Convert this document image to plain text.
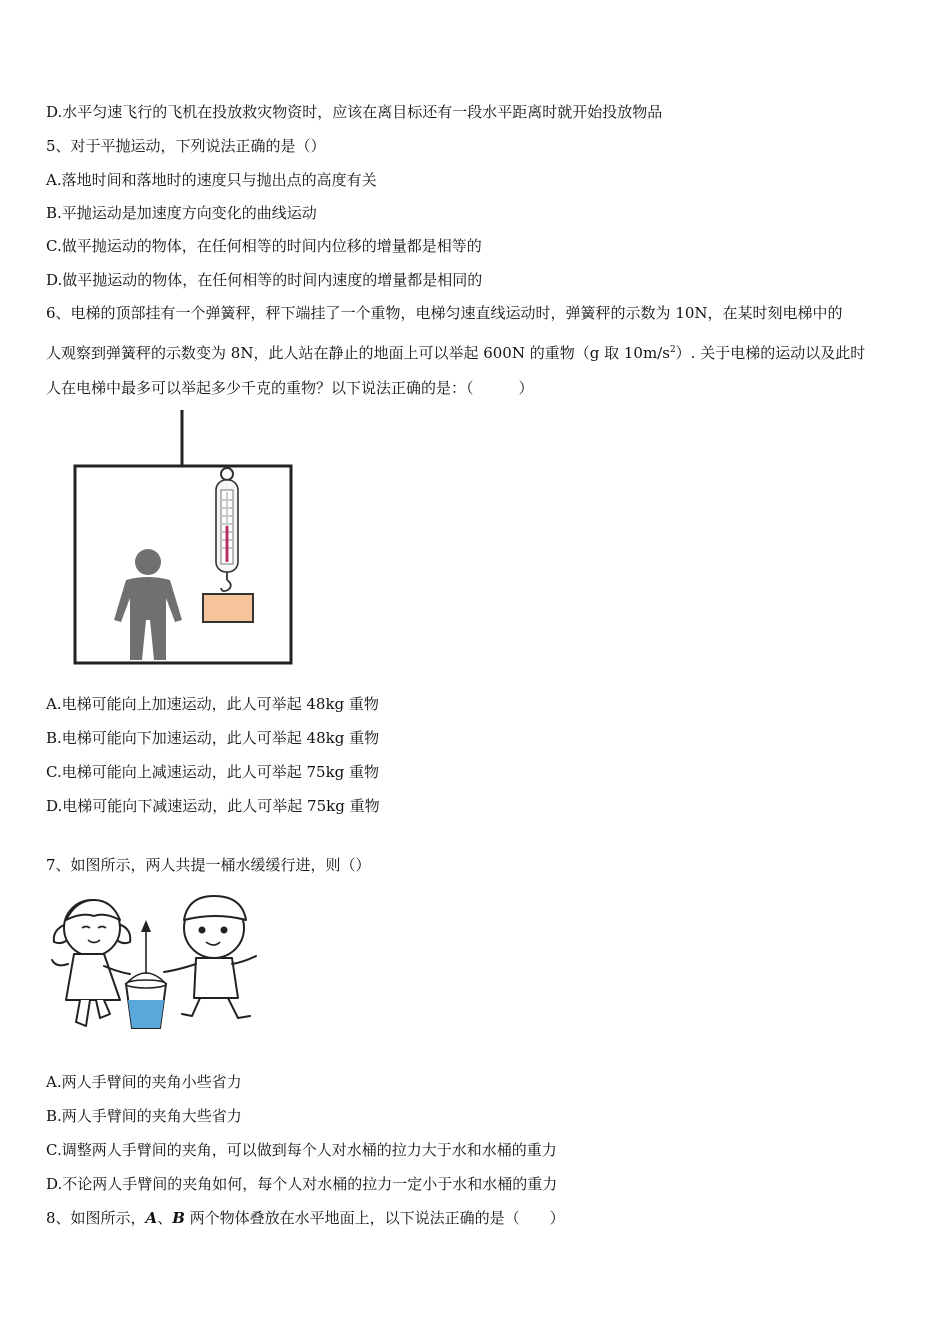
D.水平匀速飞行的飞机在投放救灾物资时，应该在离目标还有一段水平距离时就开始投放物品
5、对于平抛运动，下列说法正确的是（）
A.落地时间和落地时的速度只与抛出点的高度有关
B.平抛运动是加速度方向变化的曲线运动
C.做平抛运动的物体，在任何相等的时间内位移的增量都是相等的
D.做平抛运动的物体，在任何相等的时间内速度的增量都是相同的
6、电梯的顶部挂有一个弹簧秤，秤下端挂了一个重物，电梯匀速直线运动时，弹簧秤的示数为 10N，在某时刻电梯中的
人观察到弹簧秤的示数变为 8N，此人站在静止的地面上可以举起 600N 的重物（g 取 $10m/s^2$）. 关于电梯的运动以及此时
人在电梯中最多可以举起多少千克的重物？以下说法正确的是：（　　　）
A.电梯可能向上加速运动，此人可举起 48kg 重物
B.电梯可能向下加速运动，此人可举起 48kg 重物
C.电梯可能向上减速运动，此人可举起 75kg 重物
D.电梯可能向下减速运动，此人可举起 75kg 重物
7、如图所示，两人共提一桶水缓缓行进，则（）
A.两人手臂间的夹角小些省力
B.两人手臂间的夹角大些省力
C.调整两人手臂间的夹角，可以做到每个人对水桶的拉力大于水和水桶的重力
D.不论两人手臂间的夹角如何，每个人对水桶的拉力一定小于水和水桶的重力
8、如图所示，A、B 两个物体叠放在水平地面上，以下说法正确的是（　　）
